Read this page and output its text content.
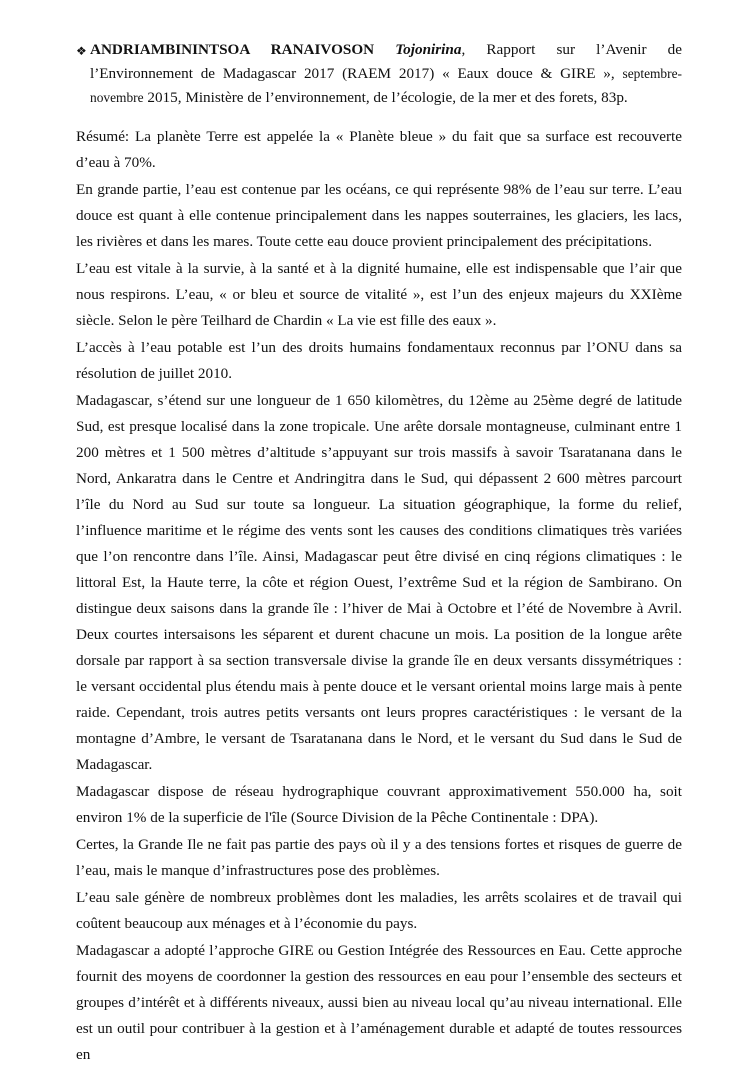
❖ ANDRIAMBININTSOA RANAIVOSON Tojonirina, Rapport sur l’Avenir de l’Environnement de Madagascar 2017 (RAEM 2017) « Eaux douce & GIRE », septembre-novembre 2015, Ministère de l’environnement, de l’écologie, de la mer et des forets, 83p.

Résumé: La planète Terre est appelée la « Planète bleue » du fait que sa surface est recouverte d’eau à 70%.

En grande partie, l’eau est contenue par les océans, ce qui représente 98% de l’eau sur terre. L’eau douce est quant à elle contenue principalement dans les nappes souterraines, les glaciers, les lacs, les rivières et dans les mares. Toute cette eau douce provient principalement des précipitations.

L’eau est vitale à la survie, à la santé et à la dignité humaine, elle est indispensable que l’air que nous respirons. L’eau, « or bleu et source de vitalité », est l’un des enjeux majeurs du XXIème siècle. Selon le père Teilhard de Chardin « La vie est fille des eaux ».

L’accès à l’eau potable est l’un des droits humains fondamentaux reconnus par l’ONU dans sa résolution de juillet 2010.

Madagascar, s’étend sur une longueur de 1 650 kilomètres, du 12ème au 25ème degré de latitude Sud, est presque localisé dans la zone tropicale. Une arête dorsale montagneuse, culminant entre 1 200 mètres et 1 500 mètres d’altitude s’appuyant sur trois massifs à savoir Tsaratanana dans le Nord, Ankaratra dans le Centre et Andringitra dans le Sud, qui dépassent 2 600 mètres parcourt l’île du Nord au Sud sur toute sa longueur. La situation géographique, la forme du relief, l’influence maritime et le régime des vents sont les causes des conditions climatiques très variées que l’on rencontre dans l’île. Ainsi, Madagascar peut être divisé en cinq régions climatiques : le littoral Est, la Haute terre, la côte et région Ouest, l’extrême Sud et la région de Sambirano. On distingue deux saisons dans la grande île : l’hiver de Mai à Octobre et l’été de Novembre à Avril. Deux courtes intersaisons les séparent et durent chacune un mois. La position de la longue arête dorsale par rapport à sa section transversale divise la grande île en deux versants dissymétriques : le versant occidental plus étendu mais à pente douce et le versant oriental moins large mais à pente raide. Cependant, trois autres petits versants ont leurs propres caractéristiques : le versant de la montagne d’Ambre, le versant de Tsaratanana dans le Nord, et le versant du Sud dans le Sud de Madagascar.

Madagascar dispose de réseau hydrographique couvrant approximativement 550.000 ha, soit environ 1% de la superficie de l'île (Source Division de la Pêche Continentale : DPA).

Certes, la Grande Ile ne fait pas partie des pays où il y a des tensions fortes et risques de guerre de l’eau, mais le manque d’infrastructures pose des problèmes.

L’eau sale génère de nombreux problèmes dont les maladies, les arrêts scolaires et de travail qui coûtent beaucoup aux ménages et à l’économie du pays.

Madagascar a adopté l’approche GIRE ou Gestion Intégrée des Ressources en Eau. Cette approche fournit des moyens de coordonner la gestion des ressources en eau pour l’ensemble des secteurs et groupes d’intérêt et à différents niveaux, aussi bien au niveau local qu’au niveau international. Elle est un outil pour contribuer à la gestion et à l’aménagement durable et adapté de toutes ressources en
